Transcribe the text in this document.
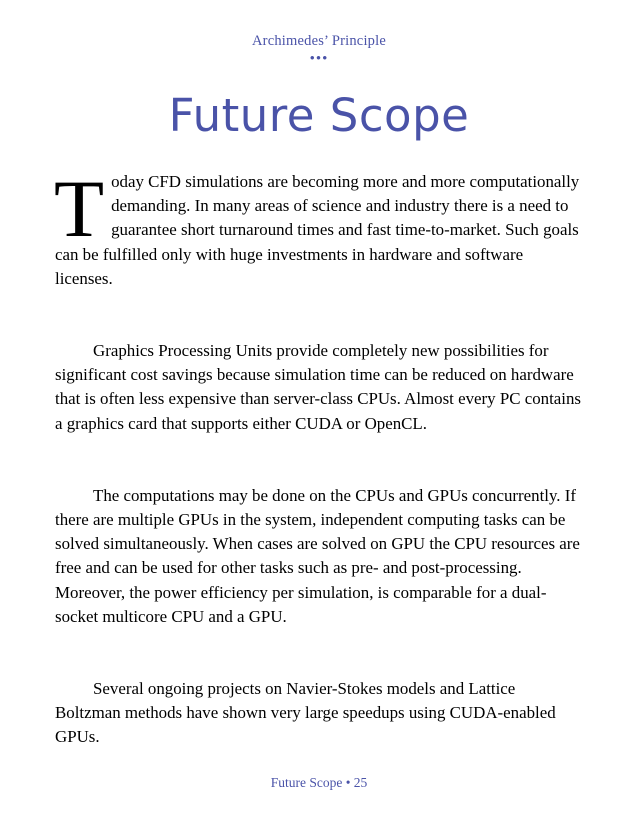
Archimedes’ Principle
•••
Future Scope

Today CFD simulations are becoming more and more computationally demanding. In many areas of science and industry there is a need to guarantee short turnaround times and fast time-to-market. Such goals can be fulfilled only with huge investments in hardware and software licenses.

Graphics Processing Units provide completely new possibilities for significant cost savings because simulation time can be reduced on hardware that is often less expensive than server-class CPUs. Almost every PC contains a graphics card that supports either CUDA or OpenCL.

The computations may be done on the CPUs and GPUs concurrently. If there are multiple GPUs in the system, independent computing tasks can be solved simultaneously. When cases are solved on GPU the CPU resources are free and can be used for other tasks such as pre- and post-processing. Moreover, the power efficiency per simulation, is comparable for a dual-socket multicore CPU and a GPU.

Several ongoing projects on Navier-Stokes models and Lattice Boltzman methods have shown very large speedups using CUDA-enabled GPUs.

Future Scope • 25
